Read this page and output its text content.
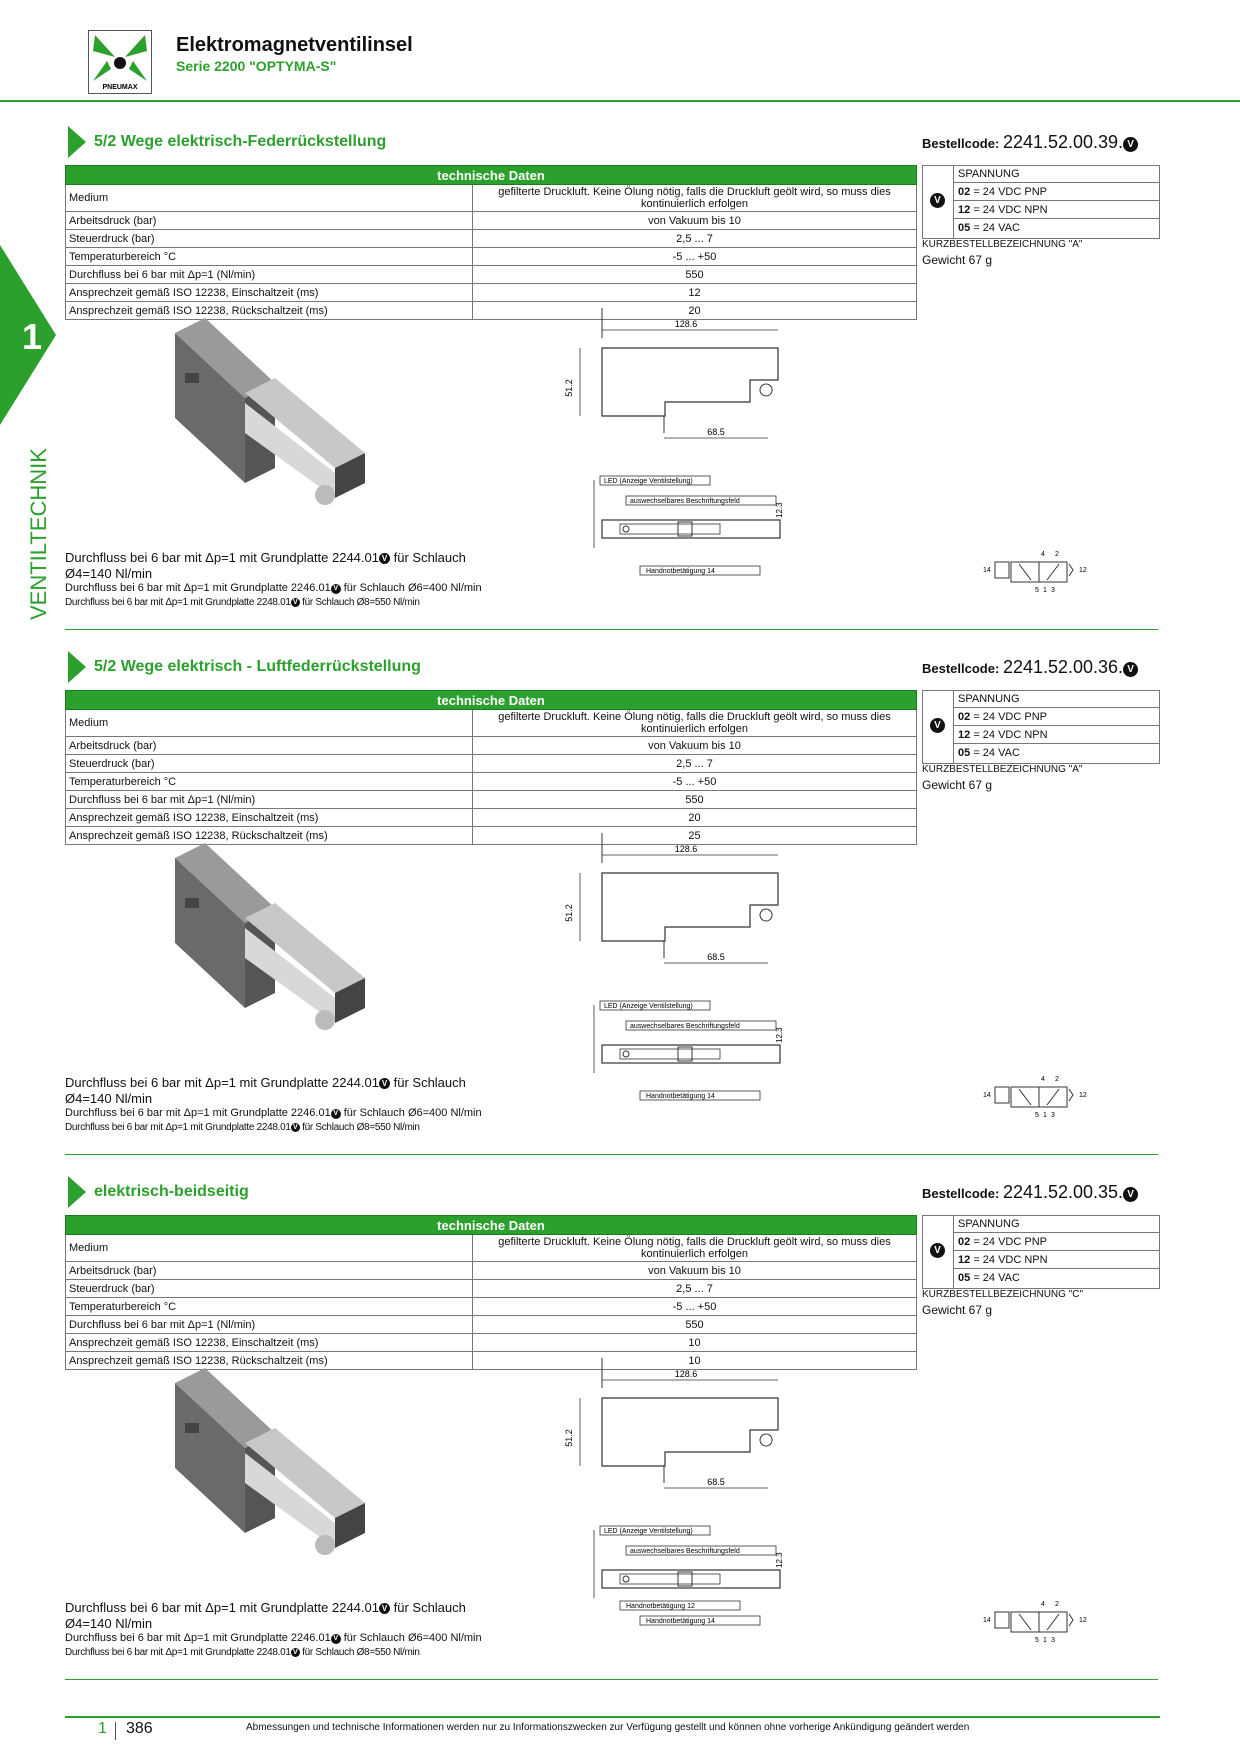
PNEUMAX
Elektromagnetventilinsel
Serie 2200 "OPTYMA-S"
1
VENTILTECHNIK
5/2 Wege elektrisch-Federrückstellung	Bestellcode: 2241.52.00.39. V
technische Daten	
Medium	gefilterte Druckluft. Keine Ölung nötig, falls die Druckluft geölt wird, so muss dies kontinuierlich erfolgen
Arbeitsdruck (bar)	von Vakuum bis 10
Steuerdruck (bar)	2,5 ... 7
Temperaturbereich °C	-5 ... +50
Durchfluss bei 6 bar mit Δp=1 (Nl/min)	550
Ansprechzeit gemäß ISO 12238, Einschaltzeit (ms)	12
Ansprechzeit gemäß ISO 12238, Rückschaltzeit (ms)	20
V
SPANNUNG
02 = 24 VDC PNP
12 = 24 VDC NPN
05 = 24 VAC
KURZBESTELLBEZEICHNUNG "A"
Gewicht 67 g
Durchfluss bei 6 bar mit Δp=1 mit Grundplatte 2244.01 V für Schlauch
Ø4=140 Nl/min
Durchfluss bei 6 bar mit Δp=1 mit Grundplatte 2246.01 V für Schlauch Ø6=400 Nl/min
Durchfluss bei 6 bar mit Δp=1 mit Grundplatte 2248.01 V für Schlauch Ø8=550 Nl/min
128.6
51.2
68.5
LED (Anzeige Ventilstellung)
auswechselbares Beschriftungsfeld
12.3
Handnotbetätigung 14	14	12
4 2
5 1 3
5/2 Wege elektrisch - Luftfederrückstellung	Bestellcode: 2241.52.00.36. V
technische Daten	
Medium	gefilterte Druckluft. Keine Ölung nötig, falls die Druckluft geölt wird, so muss dies kontinuierlich erfolgen
Arbeitsdruck (bar)	von Vakuum bis 10
Steuerdruck (bar)	2,5 ... 7
Temperaturbereich °C	-5 ... +50
Durchfluss bei 6 bar mit Δp=1 (Nl/min)	550
Ansprechzeit gemäß ISO 12238, Einschaltzeit (ms)	20
Ansprechzeit gemäß ISO 12238, Rückschaltzeit (ms)	25
V
SPANNUNG
02 = 24 VDC PNP
12 = 24 VDC NPN
05 = 24 VAC
KURZBESTELLBEZEICHNUNG "A"
Gewicht 67 g
Durchfluss bei 6 bar mit Δp=1 mit Grundplatte 2244.01 V für Schlauch
Ø4=140 Nl/min
Durchfluss bei 6 bar mit Δp=1 mit Grundplatte 2246.01 V für Schlauch Ø6=400 Nl/min
Durchfluss bei 6 bar mit Δp=1 mit Grundplatte 2248.01 V für Schlauch Ø8=550 Nl/min
128.6
51.2
68.5
LED (Anzeige Ventilstellung)
auswechselbares Beschriftungsfeld
12.3
Handnotbetätigung 14	14	12
4 2
5 1 3
elektrisch-beidseitig	Bestellcode: 2241.52.00.35. V
technische Daten	
Medium	gefilterte Druckluft. Keine Ölung nötig, falls die Druckluft geölt wird, so muss dies kontinuierlich erfolgen
Arbeitsdruck (bar)	von Vakuum bis 10
Steuerdruck (bar)	2,5 ... 7
Temperaturbereich °C	-5 ... +50
Durchfluss bei 6 bar mit Δp=1 (Nl/min)	550
Ansprechzeit gemäß ISO 12238, Einschaltzeit (ms)	10
Ansprechzeit gemäß ISO 12238, Rückschaltzeit (ms)	10
V
SPANNUNG
02 = 24 VDC PNP
12 = 24 VDC NPN
05 = 24 VAC
KURZBESTELLBEZEICHNUNG "C"
Gewicht 67 g
Durchfluss bei 6 bar mit Δp=1 mit Grundplatte 2244.01 V für Schlauch
Ø4=140 Nl/min
Durchfluss bei 6 bar mit Δp=1 mit Grundplatte 2246.01 V für Schlauch Ø6=400 Nl/min
Durchfluss bei 6 bar mit Δp=1 mit Grundplatte 2248.01 V für Schlauch Ø8=550 Nl/min
128.6
51.2
68.5
LED (Anzeige Ventilstellung)
auswechselbares Beschriftungsfeld
12.3
Handnotbetätigung 14
Handnotbetätigung 12
14	12
4 2
5 1 3
1 386	Abmessungen und technische Informationen werden nur zu Informationszwecken zur Verfügung gestellt und können ohne vorherige Ankündigung geändert werden
